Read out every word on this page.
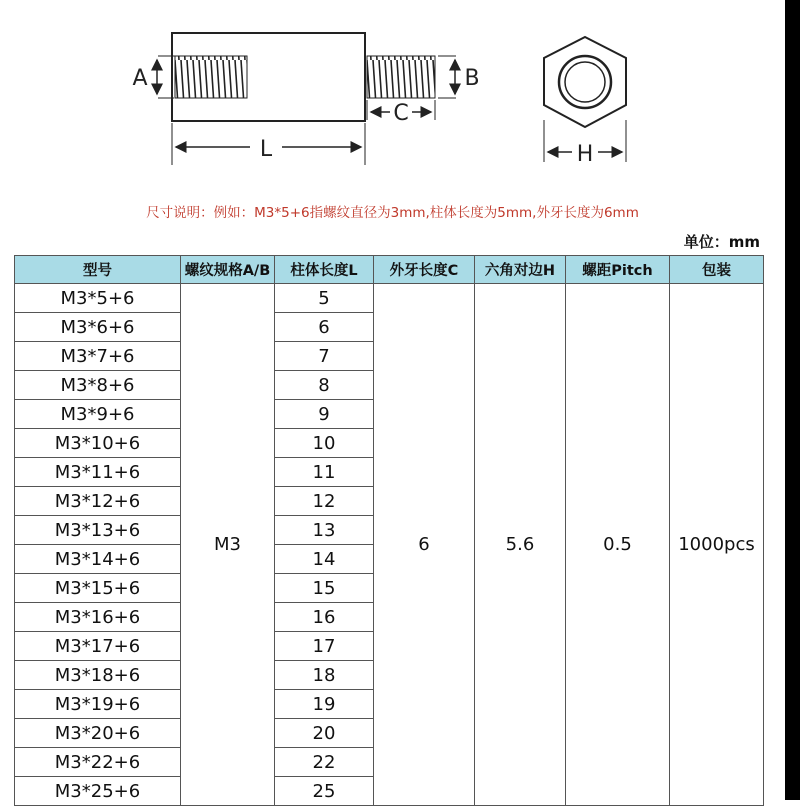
A	B
C
L	H
尺寸说明：例如：M3*5+6指螺纹直径为3mm,柱体长度为5mm,外牙长度为6mm
单位：mm
型号	螺纹规格A/B	柱体长度L	外牙长度C	六角对边H	螺距Pitch	包装
M3*5+6	M3	5	6	5.6	0.5	1000pcs
M3*6+6		6				
M3*7+6		7				
M3*8+6		8				
M3*9+6		9				
M3*10+6		10				
M3*11+6		11				
M3*12+6		12				
M3*13+6		13				
M3*14+6		14				
M3*15+6		15				
M3*16+6		16				
M3*17+6		17				
M3*18+6		18				
M3*19+6		19				
M3*20+6		20				
M3*22+6		22				
M3*25+6		25				
